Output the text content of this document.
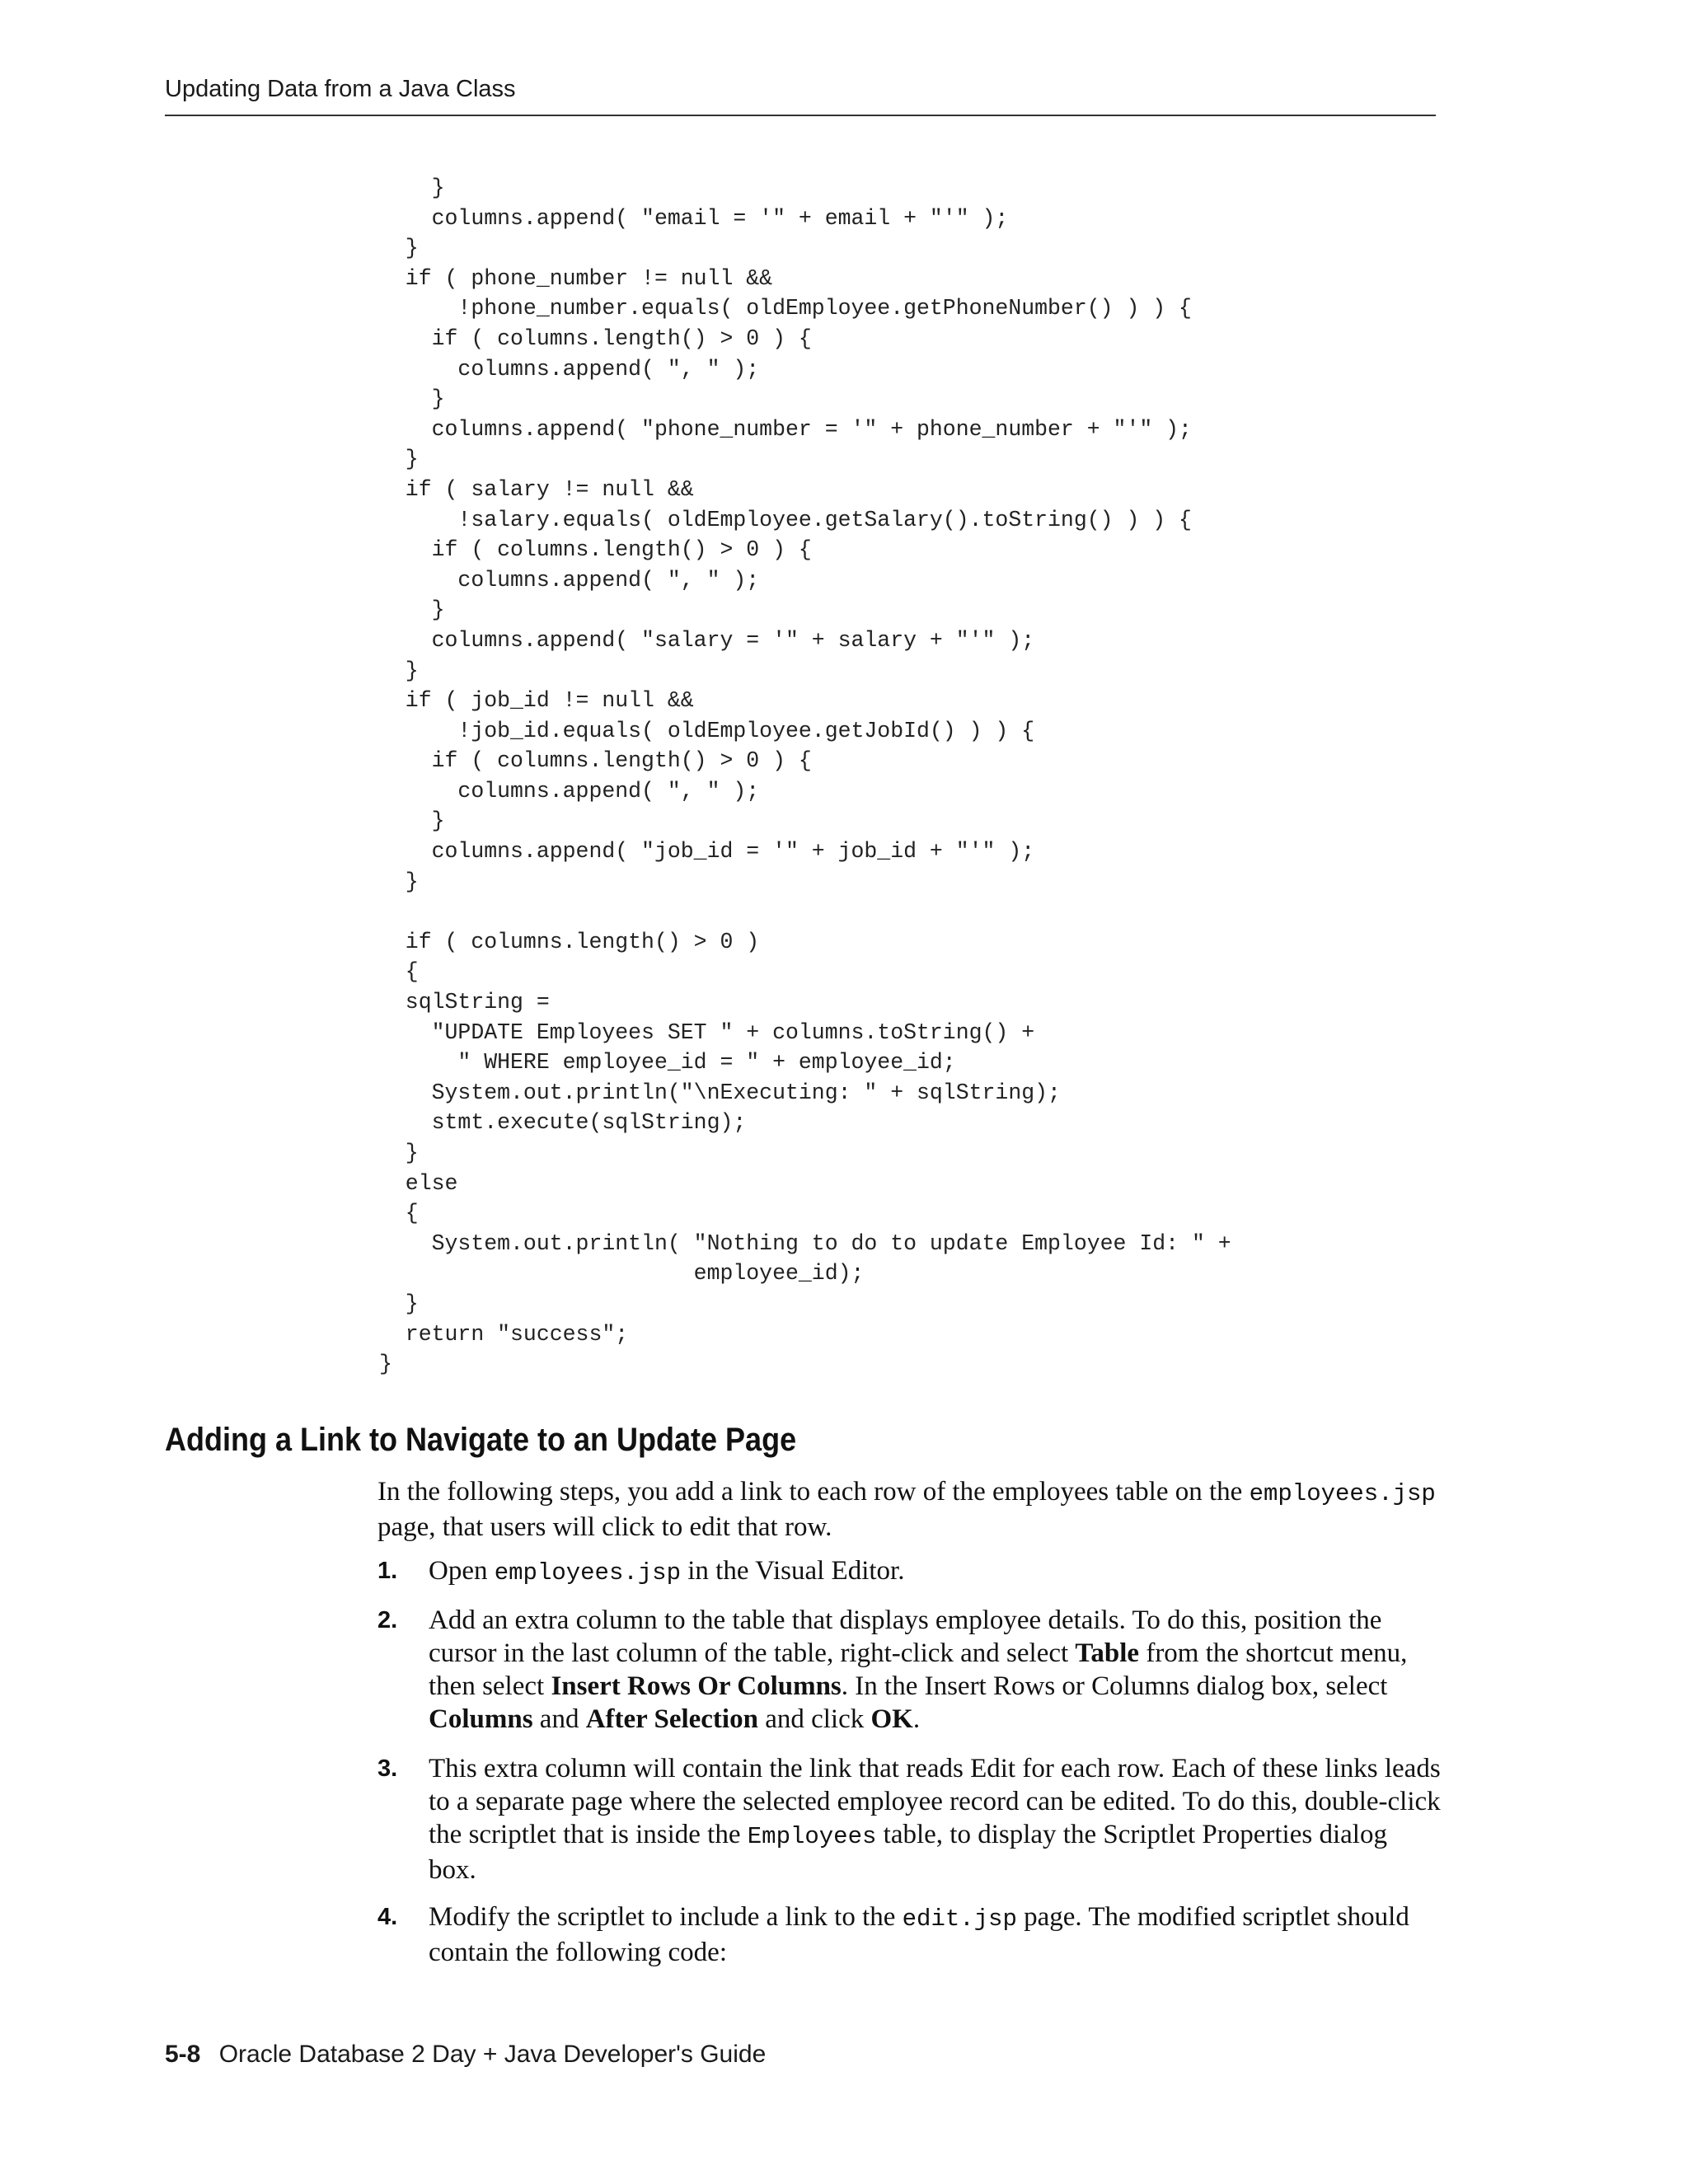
Updating Data from a Java Class
}
columns.append( "email = '" + email + "'" );
}
if ( phone_number != null &&
!phone_number.equals( oldEmployee.getPhoneNumber() ) ) {
if ( columns.length() > 0 ) {
columns.append( ", " );
}
columns.append( "phone_number = '" + phone_number + "'" );
}
if ( salary != null &&
!salary.equals( oldEmployee.getSalary().toString() ) ) {
if ( columns.length() > 0 ) {
columns.append( ", " );
}
columns.append( "salary = '" + salary + "'" );
}
if ( job_id != null &&
!job_id.equals( oldEmployee.getJobId() ) ) {
if ( columns.length() > 0 ) {
columns.append( ", " );
}
columns.append( "job_id = '" + job_id + "'" );
}
if ( columns.length() > 0 )
{
sqlString =
"UPDATE Employees SET " + columns.toString() +
" WHERE employee_id = " + employee_id;
System.out.println("\nExecuting: " + sqlString);
stmt.execute(sqlString);
}
else
{
System.out.println( "Nothing to do to update Employee Id: " +
employee_id);
}
return "success";
}
Adding a Link to Navigate to an Update Page

In the following steps, you add a link to each row of the employees table on the employees.jsp page, that users will click to edit that row.

1. Open employees.jsp in the Visual Editor.
2. Add an extra column to the table that displays employee details. To do this, position the cursor in the last column of the table, right-click and select Table from the shortcut menu, then select Insert Rows Or Columns. In the Insert Rows or Columns dialog box, select Columns and After Selection and click OK.
3. This extra column will contain the link that reads Edit for each row. Each of these links leads to a separate page where the selected employee record can be edited. To do this, double-click the scriptlet that is inside the Employees table, to display the Scriptlet Properties dialog box.
4. Modify the scriptlet to include a link to the edit.jsp page. The modified scriptlet should contain the following code:
5-8 Oracle Database 2 Day + Java Developer's Guide
